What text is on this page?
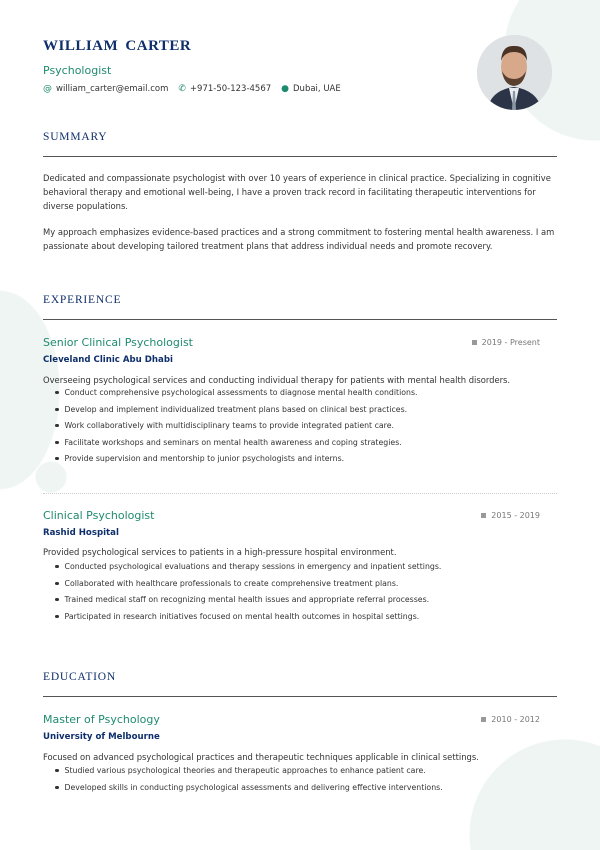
WILLIAM CARTER
Psychologist
@ william_carter@email.com ✆ +971-50-123-4567 ● Dubai, UAE
SUMMARY
Dedicated and compassionate psychologist with over 10 years of experience in clinical practice. Specializing in cognitive behavioral therapy and emotional well-being, I have a proven track record in facilitating therapeutic interventions for diverse populations.
My approach emphasizes evidence-based practices and a strong commitment to fostering mental health awareness. I am passionate about developing tailored treatment plans that address individual needs and promote recovery.
EXPERIENCE
Senior Clinical Psychologist	2019 - Present
Cleveland Clinic Abu Dhabi
Overseeing psychological services and conducting individual therapy for patients with mental health disorders.
Conduct comprehensive psychological assessments to diagnose mental health conditions.
Develop and implement individualized treatment plans based on clinical best practices.
Work collaboratively with multidisciplinary teams to provide integrated patient care.
Facilitate workshops and seminars on mental health awareness and coping strategies.
Provide supervision and mentorship to junior psychologists and interns.
Clinical Psychologist	2015 - 2019
Rashid Hospital
Provided psychological services to patients in a high-pressure hospital environment.
Conducted psychological evaluations and therapy sessions in emergency and inpatient settings.
Collaborated with healthcare professionals to create comprehensive treatment plans.
Trained medical staff on recognizing mental health issues and appropriate referral processes.
Participated in research initiatives focused on mental health outcomes in hospital settings.
EDUCATION
Master of Psychology	2010 - 2012
University of Melbourne
Focused on advanced psychological practices and therapeutic techniques applicable in clinical settings.
Studied various psychological theories and therapeutic approaches to enhance patient care.
Developed skills in conducting psychological assessments and delivering effective interventions.
